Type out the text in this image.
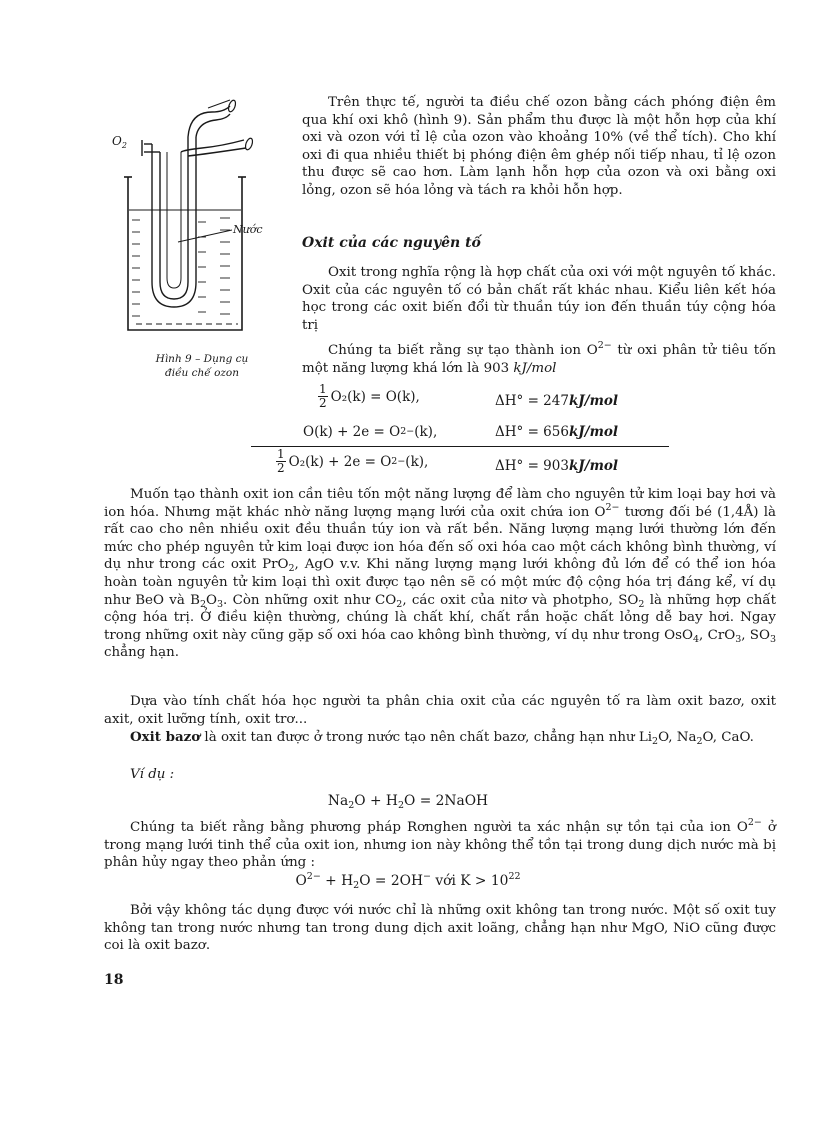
$O_2$
Nước
Hình 9 – Dụng cụ
điều chế ozon

Trên thực tế, người ta điều chế ozon bằng cách phóng điện êm qua khí oxi khô (hình 9). Sản phẩm thu được là một hỗn hợp của khí oxi và ozon với tỉ lệ của ozon vào khoảng 10% (về thể tích). Cho khí oxi đi qua nhiều thiết bị phóng điện êm ghép nối tiếp nhau, tỉ lệ ozon thu được sẽ cao hơn. Làm lạnh hỗn hợp của ozon và oxi bằng oxi lỏng, ozon sẽ hóa lỏng và tách ra khỏi hỗn hợp.

Oxit của các nguyên tố

Oxit trong nghĩa rộng là hợp chất của oxi với một nguyên tố khác. Oxit của các nguyên tố có bản chất rất khác nhau. Kiểu liên kết hóa học trong các oxit biến đổi từ thuần túy ion đến thuần túy cộng hóa trị

Chúng ta biết rằng sự tạo thành ion $O^{2-}$ từ oxi phân tử tiêu tốn một năng lượng khá lớn là 903 kJ/mol

$\frac{1}{2} O_2(k) = O(k)$,	ΔH° = 247 kJ/mol
O(k) + 2e = O 2− (k),	ΔH° = 656 kJ/mol
$\frac{1}{2} O_2(k) + 2e = O$ 2− (k),	ΔH° = 903 kJ/mol

Muốn tạo thành oxit ion cần tiêu tốn một năng lượng để làm cho nguyên tử kim loại bay hơi và ion hóa. Nhưng mặt khác nhờ năng lượng mạng lưới của oxit chứa ion $O^{2-}$ tương đối bé (1,4Å) là rất cao cho nên nhiều oxit đều thuần túy ion và rất bền. Năng lượng mạng lưới thường lớn đến mức cho phép nguyên tử kim loại được ion hóa đến số oxi hóa cao một cách không bình thường, ví dụ như trong các oxit PrO$_2$, AgO v.v. Khi năng lượng mạng lưới không đủ lớn để có thể ion hóa hoàn toàn nguyên tử kim loại thì oxit được tạo nên sẽ có một mức độ cộng hóa trị đáng kể, ví dụ như BeO và $B_2O_3$. Còn những oxit như $CO_2$, các oxit của nitơ và photpho, $SO_2$ là những hợp chất cộng hóa trị. Ở điều kiện thường, chúng là chất khí, chất rắn hoặc chất lỏng dễ bay hơi. Ngay trong những oxit này cũng gặp số oxi hóa cao không bình thường, ví dụ như trong OsO$_4$, CrO$_3$, $SO_3$ chẳng hạn.

Dựa vào tính chất hóa học người ta phân chia oxit của các nguyên tố ra làm oxit bazơ, oxit axit, oxit lưỡng tính, oxit trơ...

Oxit bazơ là oxit tan được ở trong nước tạo nên chất bazơ, chẳng hạn như $Li_2O$, $Na_2O$, CaO.

Ví dụ :
$Na_2O + H_2O$ = 2NaOH

Chúng ta biết rằng bằng phương pháp Rơnghen người ta xác nhận sự tồn tại của ion $O^{2-}$ ở trong mạng lưới tinh thể của oxit ion, nhưng ion này không thể tồn tại trong dung dịch nước mà bị phân hủy ngay theo phản ứng :

$O^{2-} + H_2O = 2OH^-$ với $K > 10^{22}$

Bởi vậy không tác dụng được với nước chỉ là những oxit không tan trong nước. Một số oxit tuy không tan trong nước nhưng tan trong dung dịch axit loãng, chẳng hạn như MgO, NiO cũng được coi là oxit bazơ.

18
